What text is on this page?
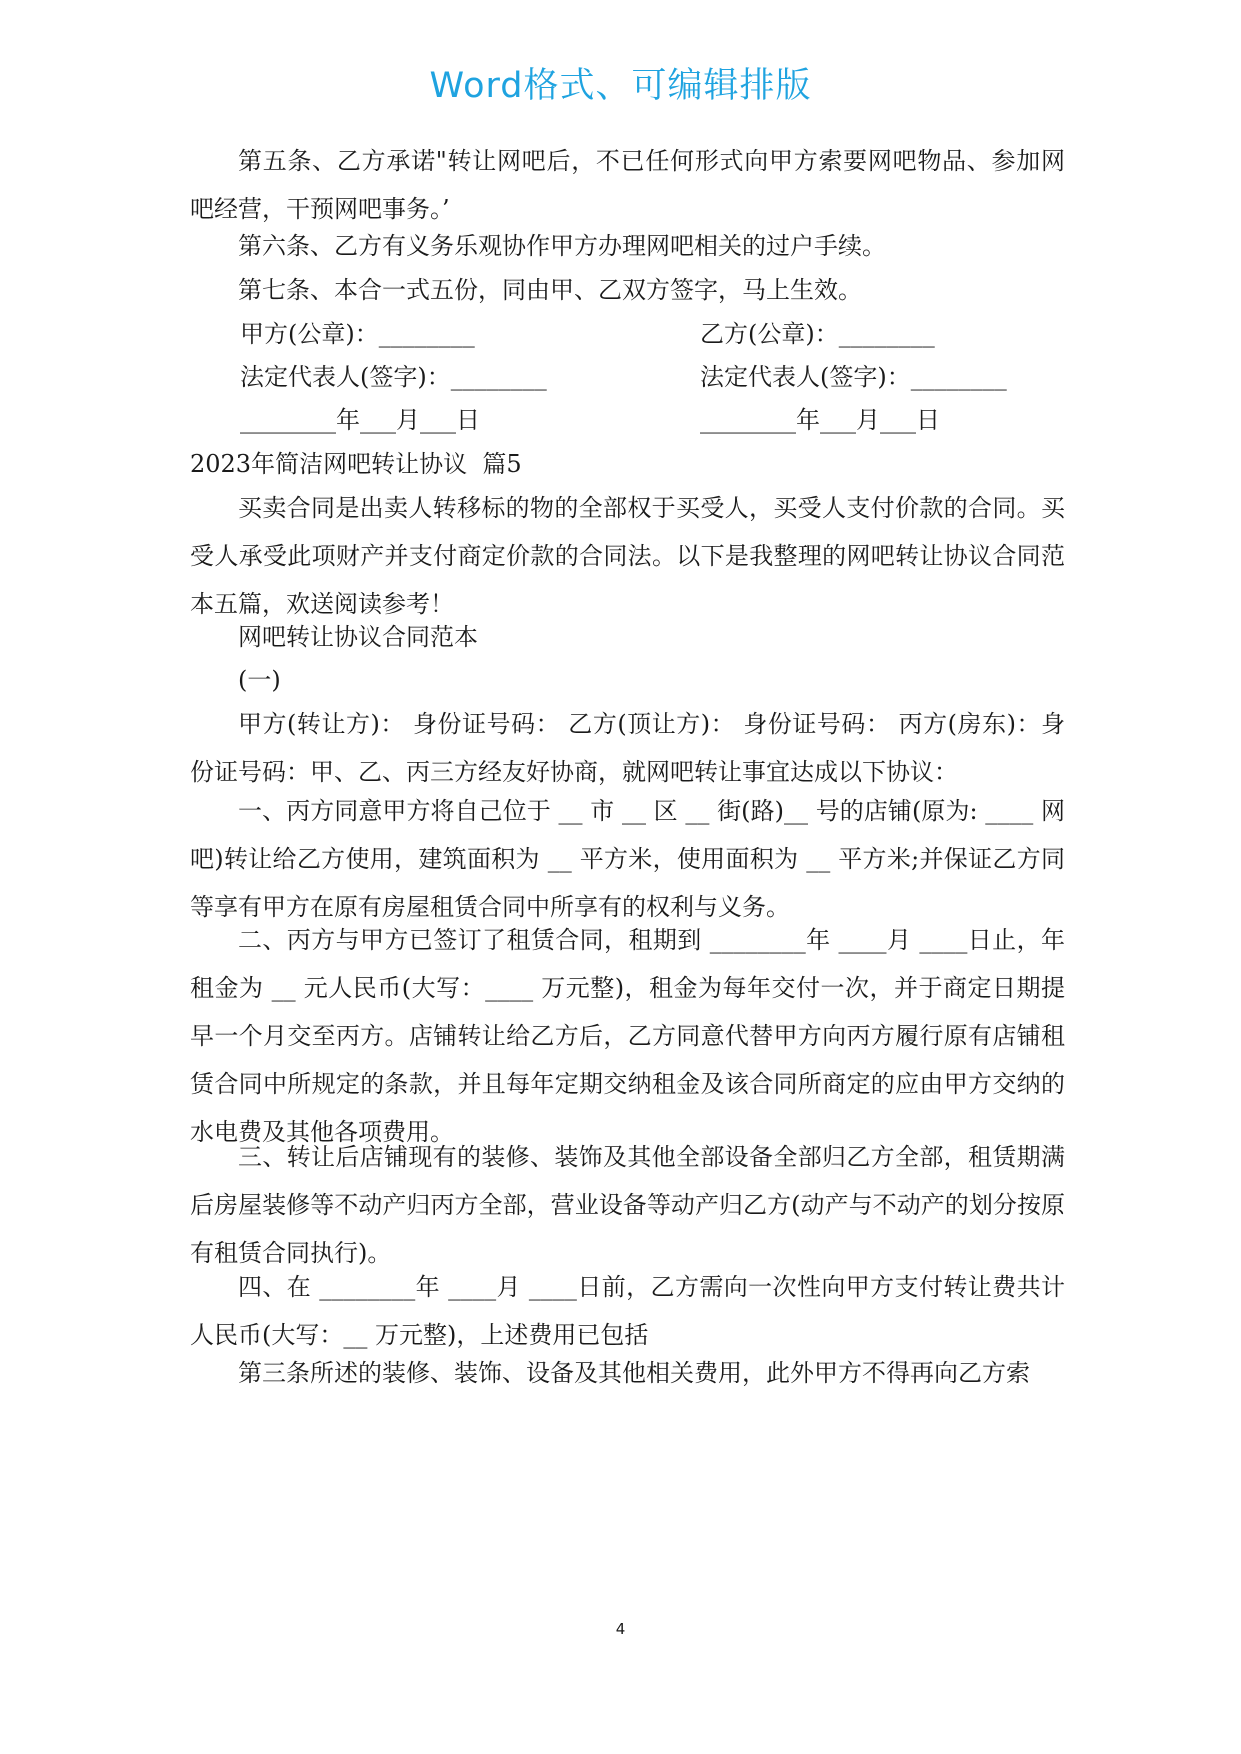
Word格式、可编辑排版

第五条、乙方承诺"转让网吧后，不已任何形式向甲方索要网吧物品、参加网吧经营，干预网吧事务。’

第六条、乙方有义务乐观协作甲方办理网吧相关的过户手续。

第七条、本合一式五份，同由甲、乙双方签字，马上生效。

甲方(公章)：________	乙方(公章)：________
法定代表人(签字)：________	法定代表人(签字)：________
________年___月___日	________年___月___日
2023年简洁网吧转让协议  篇5

买卖合同是出卖人转移标的物的全部权于买受人，买受人支付价款的合同。买受人承受此项财产并支付商定价款的合同法。以下是我整理的网吧转让协议合同范本五篇，欢送阅读参考！

网吧转让协议合同范本

(一)

甲方(转让方)： 身份证号码： 乙方(顶让方)： 身份证号码： 丙方(房东)：身份证号码：甲、乙、丙三方经友好协商，就网吧转让事宜达成以下协议：

一、丙方同意甲方将自己位于 __ 市 __ 区 __ 街(路)__ 号的店铺(原为: ____ 网吧)转让给乙方使用，建筑面积为 __ 平方米，使用面积为 __ 平方米;并保证乙方同等享有甲方在原有房屋租赁合同中所享有的权利与义务。

二、丙方与甲方已签订了租赁合同，租期到 ________年 ____月 ____日止，年租金为 __ 元人民币(大写：____ 万元整)，租金为每年交付一次，并于商定日期提早一个月交至丙方。店铺转让给乙方后，乙方同意代替甲方向丙方履行原有店铺租赁合同中所规定的条款，并且每年定期交纳租金及该合同所商定的应由甲方交纳的水电费及其他各项费用。

三、转让后店铺现有的装修、装饰及其他全部设备全部归乙方全部，租赁期满后房屋装修等不动产归丙方全部，营业设备等动产归乙方(动产与不动产的划分按原有租赁合同执行)。

四、在 ________年 ____月 ____日前，乙方需向一次性向甲方支付转让费共计人民币(大写：__ 万元整)，上述费用已包括

第三条所述的装修、装饰、设备及其他相关费用，此外甲方不得再向乙方索

4
